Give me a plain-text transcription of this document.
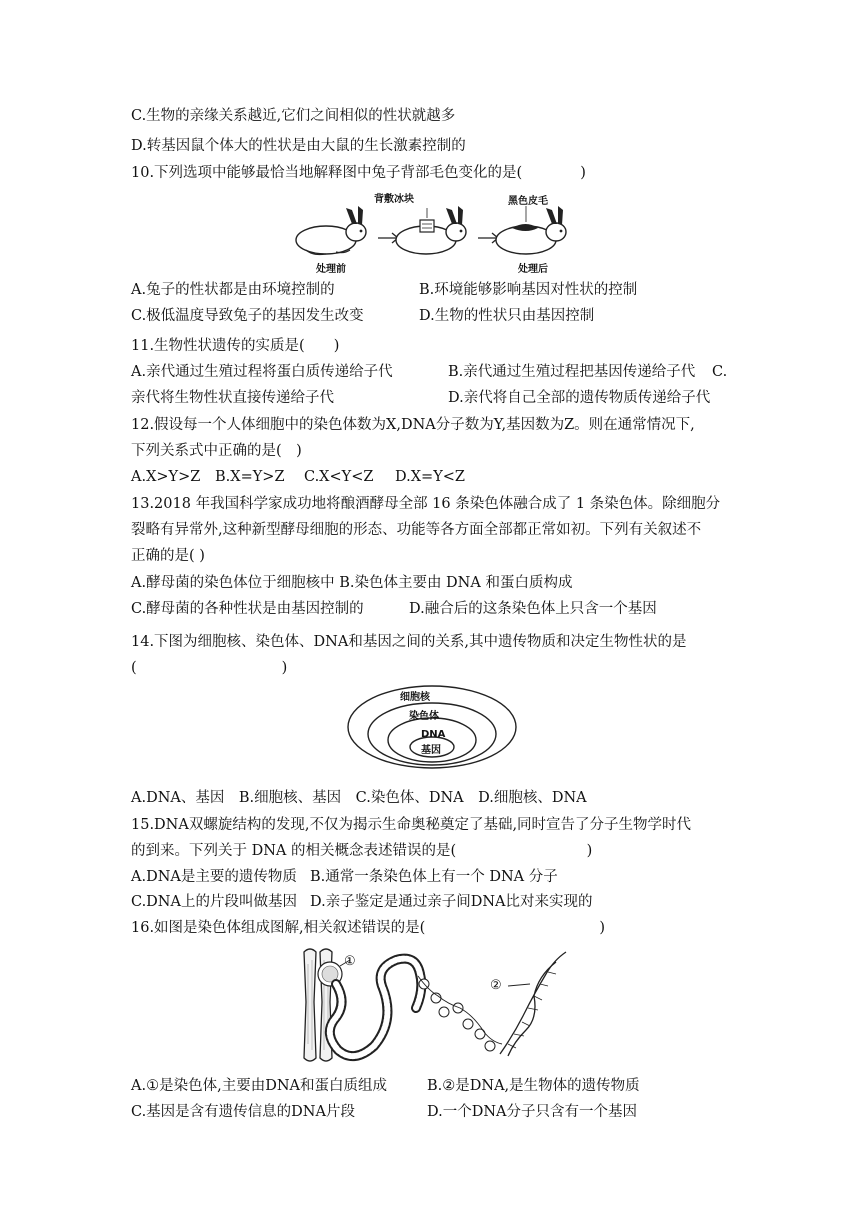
C.生物的亲缘关系越近,它们之间相似的性状就越多
D.转基因鼠个体大的性状是由大鼠的生长激素控制的
10.下列选项中能够最恰当地解释图中兔子背部毛色变化的是(　　　　)
背敷冰块	黑色皮毛
处理前	处理后
A.兔子的性状都是由环境控制的	B.环境能够影响基因对性状的控制
C.极低温度导致兔子的基因发生改变	D.生物的性状只由基因控制
11.生物性状遗传的实质是(　　)
A.亲代通过生殖过程将蛋白质传递给子代	B.亲代通过生殖过程把基因传递给子代 C.
亲代将生物性状直接传递给子代	D.亲代将自己全部的遗传物质传递给子代
12.假设每一个人体细胞中的染色体数为X,DNA分子数为Y,基因数为Z。则在通常情况下,
下列关系式中正确的是(　)
A.X>Y>Z B.X=Y>Z C.X<Y<Z D.X=Y<Z
13.2018 年我国科学家成功地将酿酒酵母全部 16 条染色体融合成了 1 条染色体。除细胞分
裂略有异常外,这种新型酵母细胞的形态、功能等各方面全部都正常如初。下列有关叙述不
正确的是( )
A.酵母菌的染色体位于细胞核中 B.染色体主要由 DNA 和蛋白质构成
C.酵母菌的各种性状是由基因控制的	D.融合后的这条染色体上只含一个基因
14.下图为细胞核、染色体、DNA和基因之间的关系,其中遗传物质和决定生物性状的是
(　　　　　　　　　　)
细胞核
染色体
DNA
基因
A.DNA、基因　B.细胞核、基因　C.染色体、DNA　D.细胞核、DNA
15.DNA双螺旋结构的发现,不仅为揭示生命奥秘奠定了基础,同时宣告了分子生物学时代
的到来。下列关于 DNA 的相关概念表述错误的是(　　　　　　　　　)
A.DNA是主要的遗传物质 B.通常一条染色体上有一个 DNA 分子
C.DNA上的片段叫做基因 D.亲子鉴定是通过亲子间DNA比对来实现的
16.如图是染色体组成图解,相关叙述错误的是(　　　　　　　　　　　　)
①
②
A.①是染色体,主要由DNA和蛋白质组成	B.②是DNA,是生物体的遗传物质
C.基因是含有遗传信息的DNA片段	D.一个DNA分子只含有一个基因
